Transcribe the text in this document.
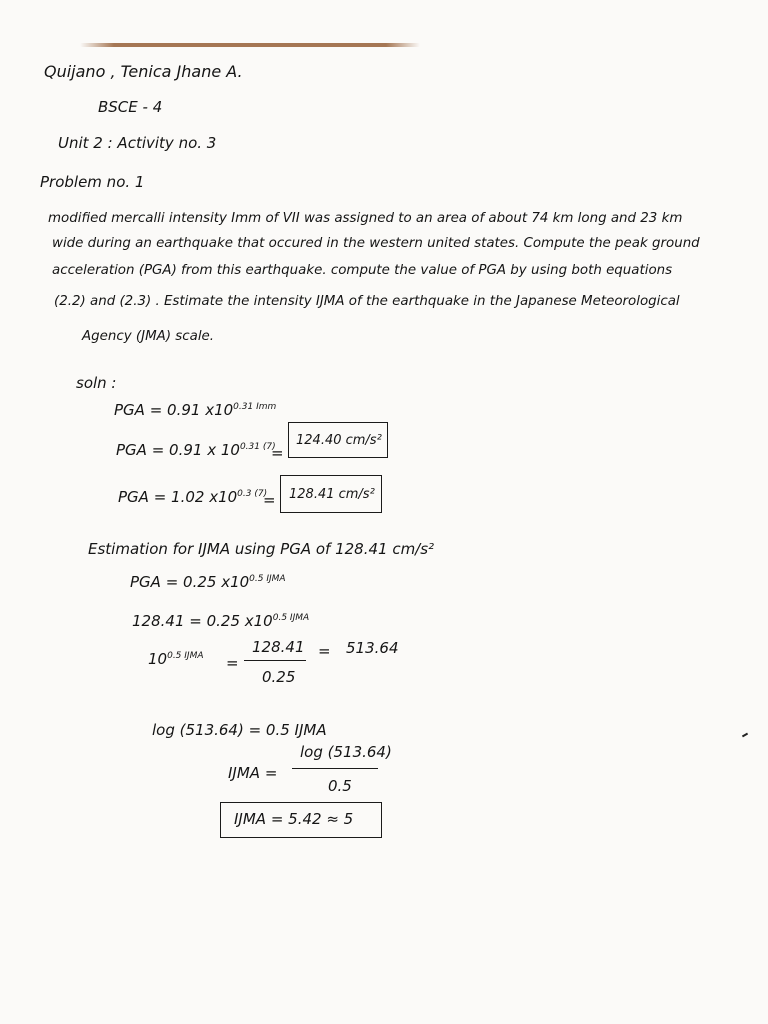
Quijano , Tenica Jhane A.
BSCE - 4
Unit 2 : Activity no. 3
Problem no. 1
modified mercalli intensity Imm of VII was assigned to an area of about 74 km long and 23 km
wide during an earthquake that occured in the western united states. Compute the peak ground
acceleration (PGA) from this earthquake. compute the value of PGA by using both equations
(2.2) and (2.3) . Estimate the intensity IJMA of the earthquake in the Japanese Meteorological
Agency (JMA) scale.
soln :
PGA = 0.91 $x10^{0.31 Imm}$
PGA = 0.91 x $10^{0.31 (7)}$
=
124.40 cm/s²
PGA = 1.02 $x10^{0.3 (7)}$
= 128.41 cm/s²
Estimation for IJMA using PGA of 128.41 cm/s²
PGA = 0.25 $x10^{0.5 IJMA}$
128.41 = 0.25 $x10^{0.5 IJMA}$
$10^{0.5 IJMA}$ =
128.41
0.25
= 513.64
log (513.64) = 0.5 IJMA
IJMA =
log (513.64)
0.5
IJMA = 5.42 ≈ 5
